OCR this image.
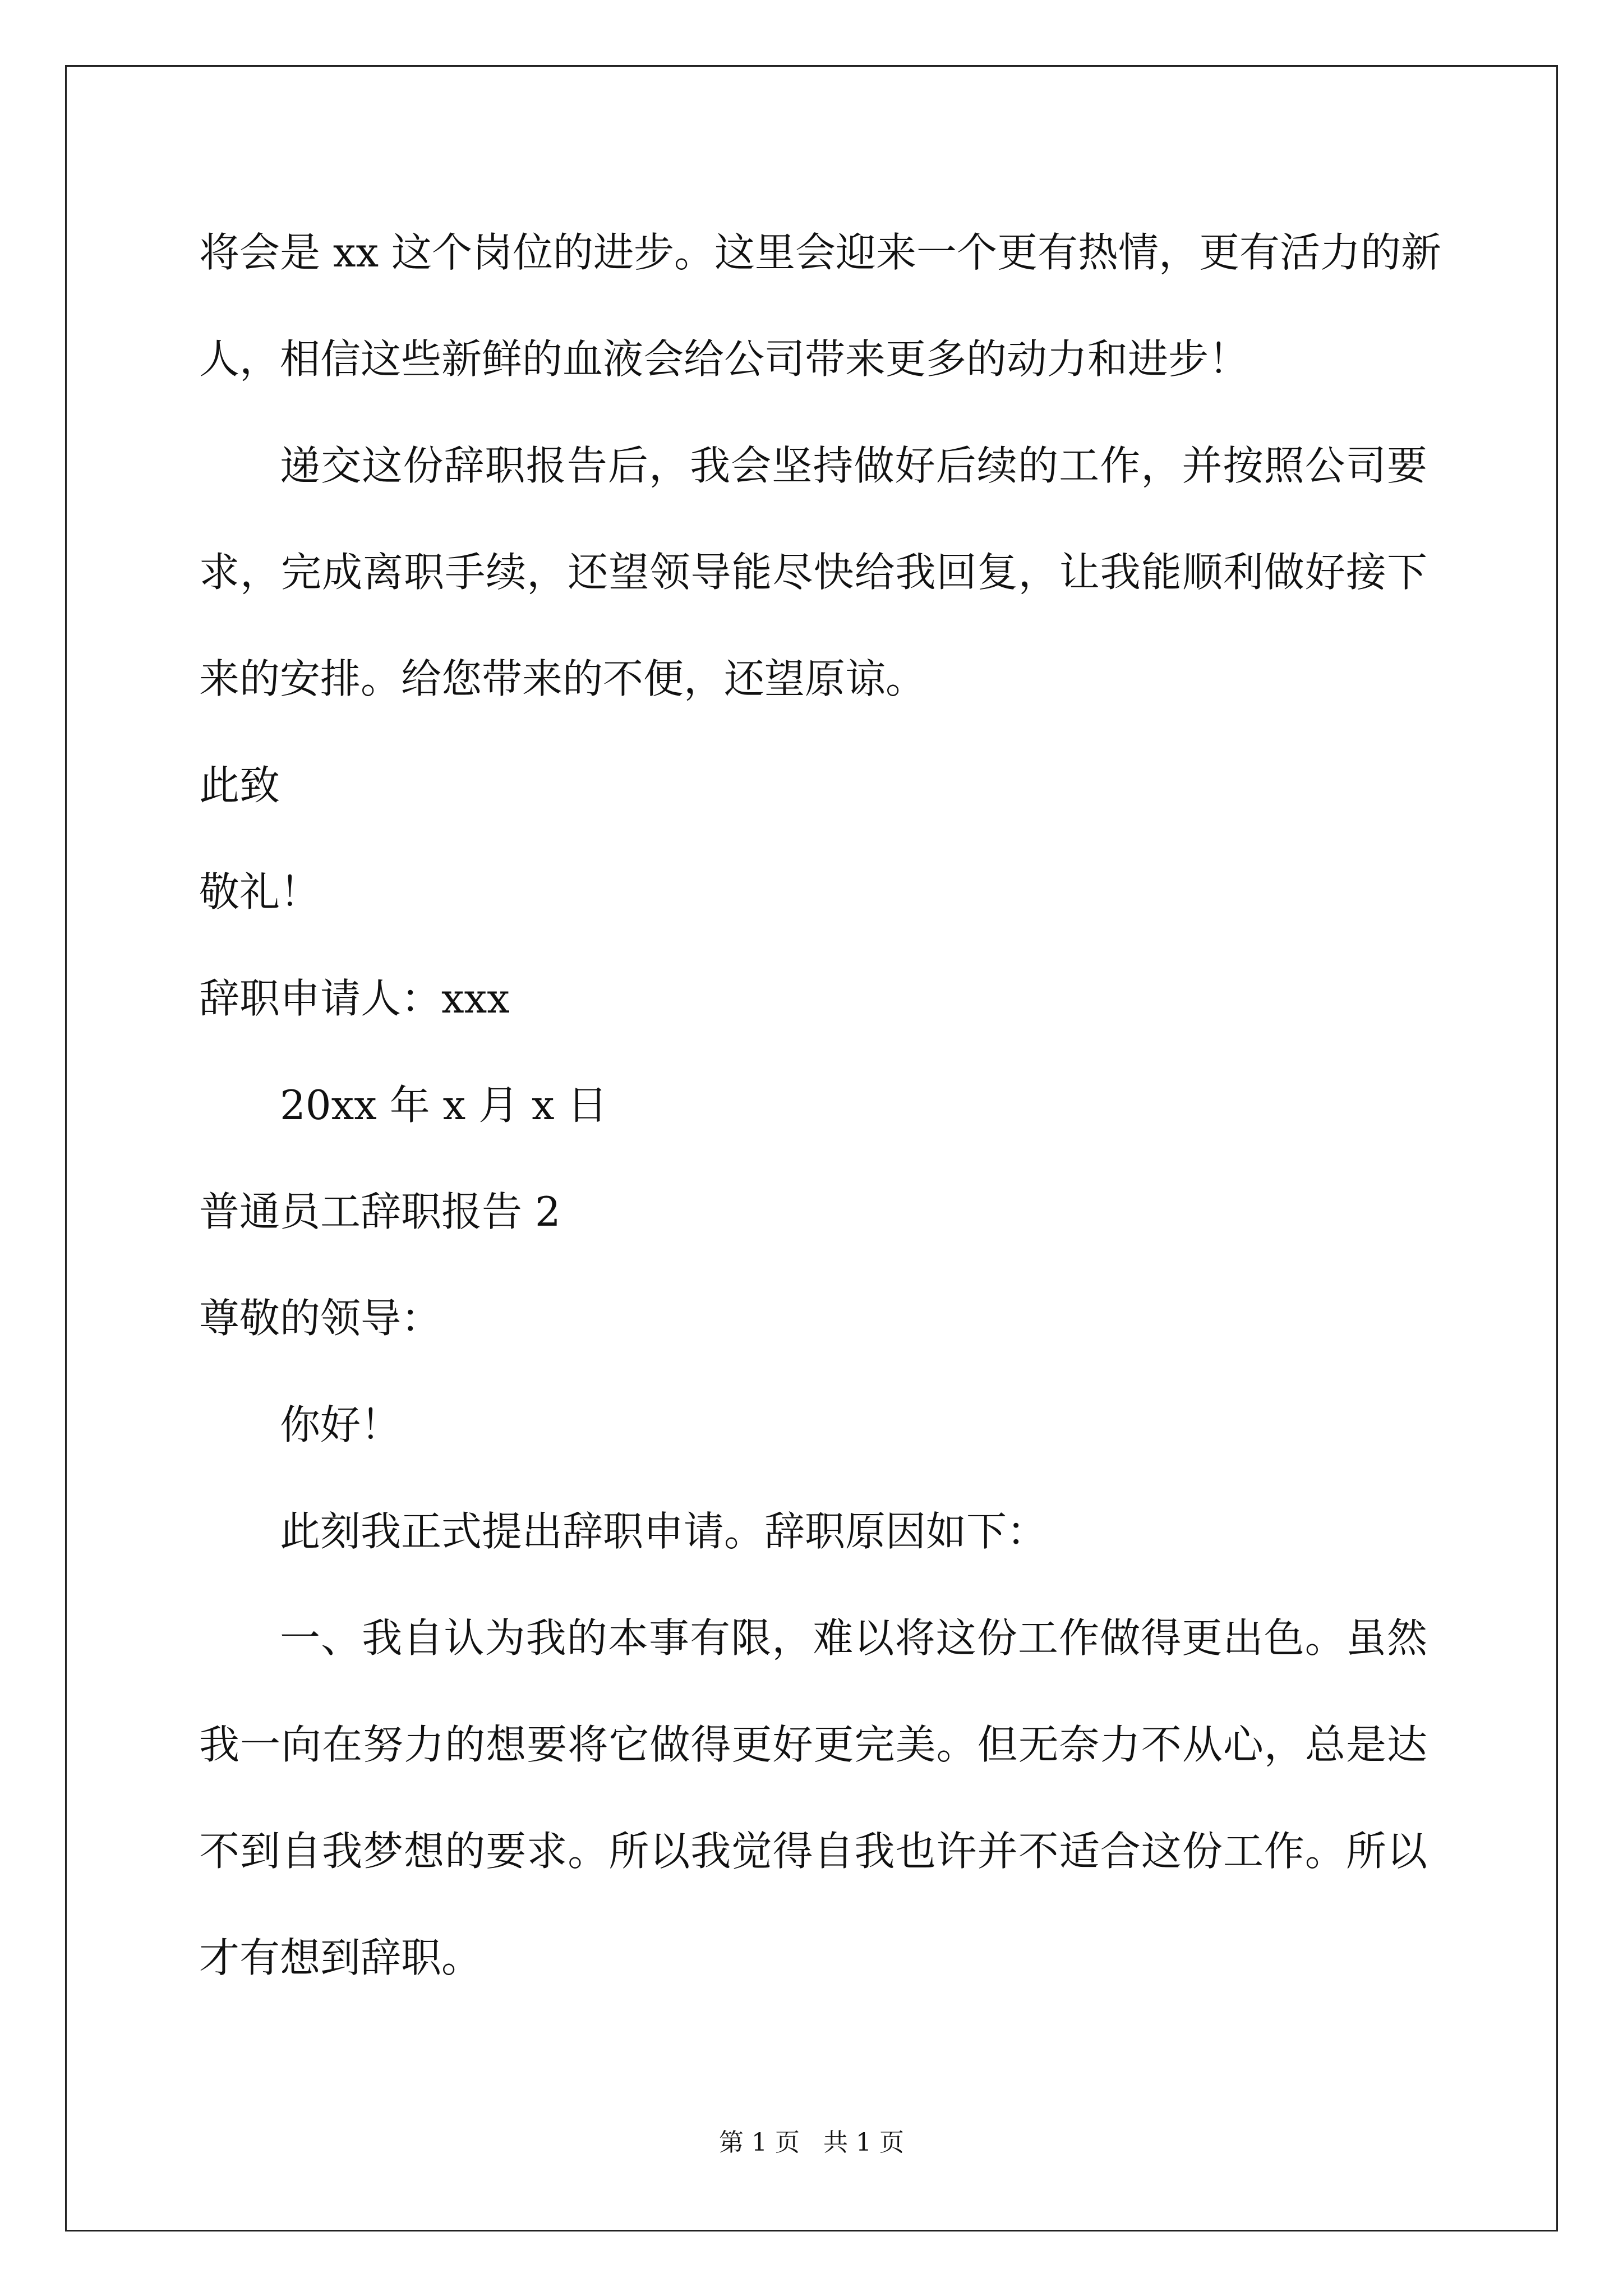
将会是 xx 这个岗位的进步。这里会迎来一个更有热情，更有活力的新
人，相信这些新鲜的血液会给公司带来更多的动力和进步！
递交这份辞职报告后，我会坚持做好后续的工作，并按照公司要
求，完成离职手续，还望领导能尽快给我回复，让我能顺利做好接下
来的安排。给您带来的不便，还望原谅。
此致
敬礼！
辞职申请人：xxx
20xx 年 x 月 x 日
普通员工辞职报告 2
尊敬的领导：
你好！
此刻我正式提出辞职申请。辞职原因如下：
一、我自认为我的本事有限，难以将这份工作做得更出色。虽然
我一向在努力的想要将它做得更好更完美。但无奈力不从心，总是达
不到自我梦想的要求。所以我觉得自我也许并不适合这份工作。所以
才有想到辞职。
第 1 页   共 1 页
